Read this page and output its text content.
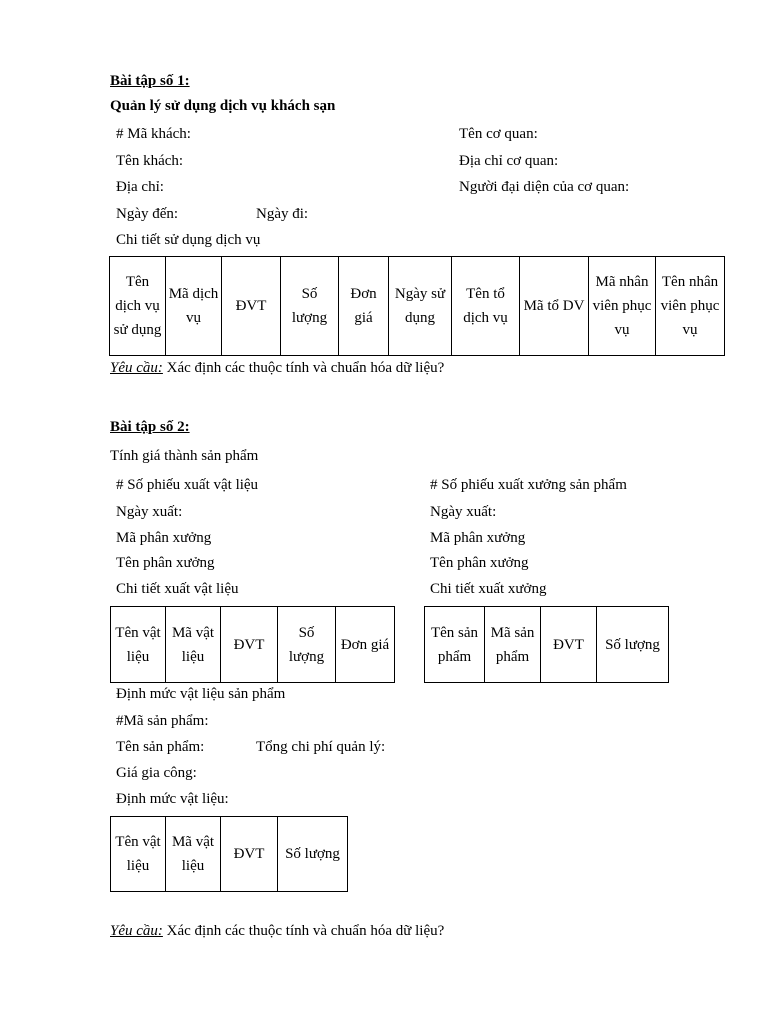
Bài tập số 1:
Quản lý sử dụng dịch vụ khách sạn
# Mã khách:
Tên khách:
Địa chỉ:
Ngày đến:	Ngày đi:
Tên cơ quan:
Địa chỉ cơ quan:
Người đại diện của cơ quan:
Chi tiết sử dụng dịch vụ
Tên dịch vụ sử dụng	Mã dịch vụ	ĐVT	Số lượng	Đơn giá	Ngày sử dụng	Tên tổ dịch vụ	Mã tổ DV	Mã nhân viên phục vụ	Tên nhân viên phục vụ
Yêu cầu: Xác định các thuộc tính và chuẩn hóa dữ liệu?
Bài tập số 2:
Tính giá thành sản phẩm
# Số phiếu xuất vật liệu
Ngày xuất:
Mã phân xưởng
Tên phân xưởng
Chi tiết xuất vật liệu
# Số phiếu xuất xưởng sản phẩm
Ngày xuất:
Mã phân xưởng
Tên phân xưởng
Chi tiết xuất xưởng
Tên vật liệu	Mã vật liệu	ĐVT	Số lượng	Đơn giá
Tên sản phẩm	Mã sản phẩm	ĐVT	Số lượng
Định mức vật liệu sản phẩm
#Mã sản phẩm:
Tên sản phẩm:	Tổng chi phí quản lý:
Giá gia công:
Định mức vật liệu:
Tên vật liệu	Mã vật liệu	ĐVT	Số lượng
Yêu cầu: Xác định các thuộc tính và chuẩn hóa dữ liệu?
